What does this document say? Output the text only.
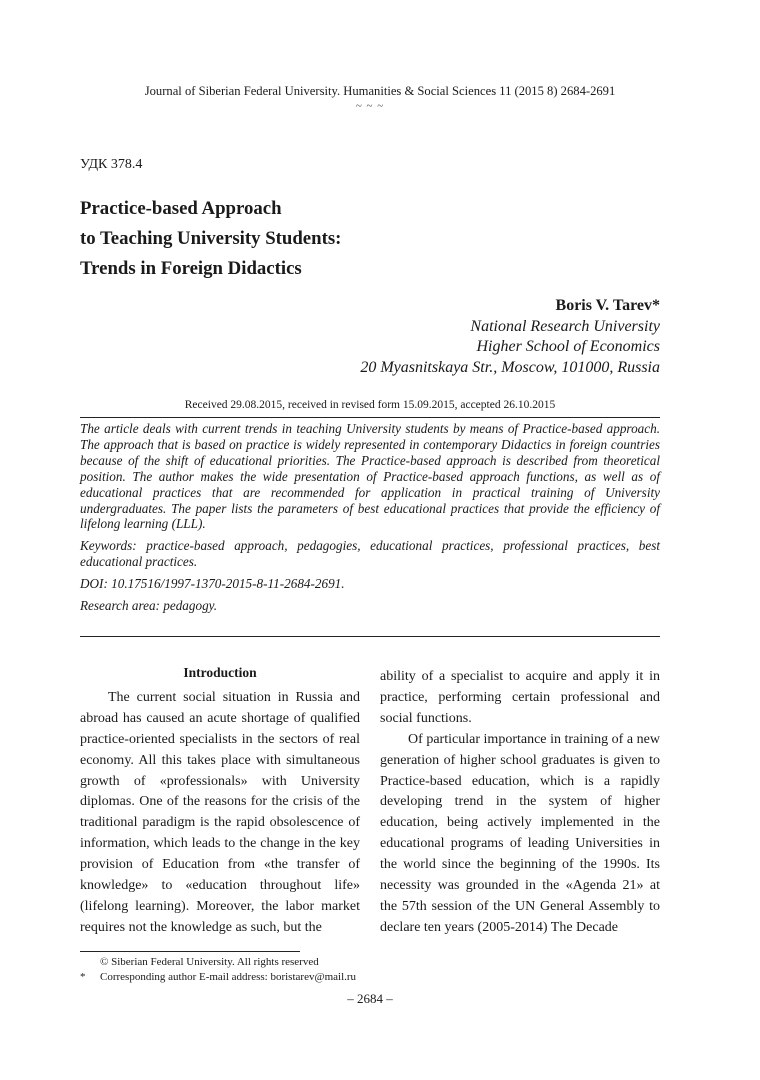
Journal of Siberian Federal University. Humanities & Social Sciences 11 (2015 8) 2684-2691
~ ~ ~
УДК 378.4
Practice-based Approach
to Teaching University Students:
Trends in Foreign Didactics
Boris V. Tarev*
National Research University
Higher School of Economics
20 Myasnitskaya Str., Moscow, 101000, Russia
Received 29.08.2015, received in revised form 15.09.2015, accepted 26.10.2015

The article deals with current trends in teaching University students by means of Practice-based approach. The approach that is based on practice is widely represented in contemporary Didactics in foreign countries because of the shift of educational priorities. The Practice-based approach is described from theoretical position. The author makes the wide presentation of Practice-based approach functions, as well as of educational practices that are recommended for application in practical training of University undergraduates. The paper lists the parameters of best educational practices that provide the efficiency of lifelong learning (LLL).

Keywords: practice-based approach, pedagogies, educational practices, professional practices, best educational practices.

DOI: 10.17516/1997-1370-2015-8-11-2684-2691.

Research area: pedagogy.

Introduction

The current social situation in Russia and abroad has caused an acute shortage of qualified practice-oriented specialists in the sectors of real economy. All this takes place with simultaneous growth of «professionals» with University diplomas. One of the reasons for the crisis of the traditional paradigm is the rapid obsolescence of information, which leads to the change in the key provision of Education from «the transfer of knowledge» to «education throughout life» (lifelong learning). Moreover, the labor market requires not the knowledge as such, but the

ability of a specialist to acquire and apply it in practice, performing certain professional and social functions.

Of particular importance in training of a new generation of higher school graduates is given to Practice-based education, which is a rapidly developing trend in the system of higher education, being actively implemented in the educational programs of leading Universities in the world since the beginning of the 1990s. Its necessity was grounded in the «Agenda 21» at the 57th session of the UN General Assembly to declare ten years (2005-2014) The Decade

© Siberian Federal University. All rights reserved
*	Corresponding author E-mail address: boristarev@mail.ru
– 2684 –
